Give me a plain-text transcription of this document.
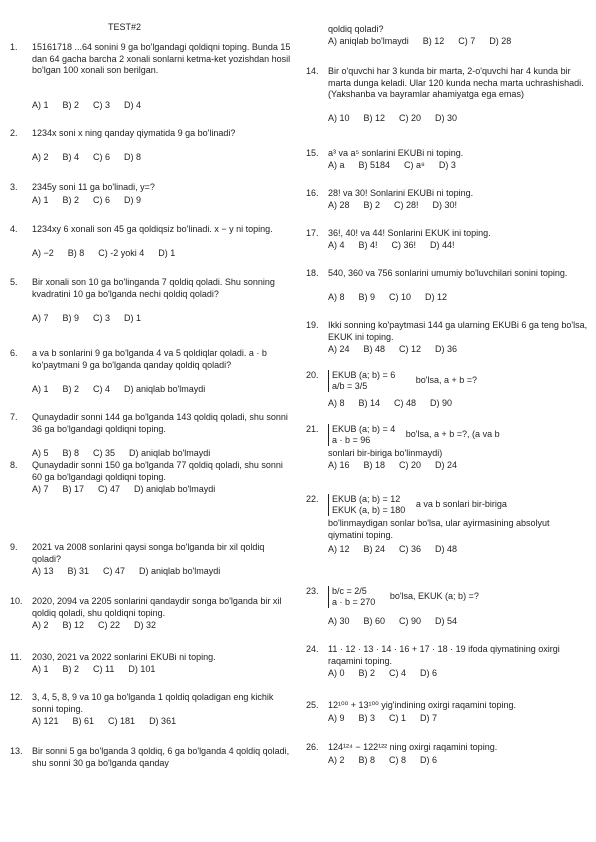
TEST#2
1. 15161718 ...64 sonini 9 ga bo'lgandagi qoldiqni toping. Bunda 15 dan 64 gacha barcha 2 xonali sonlarni ketma-ket yozishdan hosil bo'lgan 100 xonali son berilgan.
A) 1 B) 2 C) 3 D) 4
2. 1234x soni x ning qanday qiymatida 9 ga bo'linadi?
A) 2 B) 4 C) 6 D) 8
3. 2345y soni 11 ga bo'linadi, y=?
A) 1 B) 2 C) 6 D) 9
4. 1234xy 6 xonali son 45 ga qoldiqsiz bo'linadi. x − y ni toping.
A) −2 B) 8 C) -2 yoki 4 D) 1
5. Bir xonali son 10 ga bo'linganda 7 qoldiq qoladi. Shu sonning kvadratini 10 ga bo'lganda nechi qoldiq qoladi?
A) 7 B) 9 C) 3 D) 1
6. a va b sonlarini 9 ga bo'lganda 4 va 5 qoldiqlar qoladi. a · b ko'paytmani 9 ga bo'lganda qanday qoldiq qoladi?
A) 1 B) 2 C) 4 D) aniqlab bo'lmaydi
7. Qunaydadir sonni 144 ga bo'lganda 143 qoldiq qoladi, shu sonni 36 ga bo'lgandagi qoldiqni toping.
A) 5 B) 8 C) 35 D) aniqlab bo'lmaydi
8. Qunaydadir sonni 150 ga bo'lganda 77 qoldiq qoladi, shu sonni 60 ga bo'lgandagi qoldiqni toping.
A) 7 B) 17 C) 47 D) aniqlab bo'lmaydi
9. 2021 va 2008 sonlarini qaysi songa bo'lganda bir xil qoldiq qoladi?
A) 13 B) 31 C) 47 D) aniqlab bo'lmaydi
10. 2020, 2094 va 2205 sonlarini qandaydir songa bo'lganda bir xil qoldiq qoladi, shu qoldiqni toping.
A) 2 B) 12 C) 22 D) 32
11. 2030, 2021 va 2022 sonlarini EKUBi ni toping.
A) 1 B) 2 C) 11 D) 101
12. 3, 4, 5, 8, 9 va 10 ga bo'lganda 1 qoldiq qoladigan eng kichik sonni toping.
A) 121 B) 61 C) 181 D) 361
13. Bir sonni 5 ga bo'lganda 3 qoldiq, 6 ga bo'lganda 4 qoldiq qoladi, shu sonni 30 ga bo'lganda qanday
qoldiq qoladi?
A) aniqlab bo'lmaydi B) 12 C) 7 D) 28
14. Bir o'quvchi har 3 kunda bir marta, 2-o'quvchi har 4 kunda bir marta dunga keladi. Ular 120 kunda necha marta uchrashishadi. (Yakshanba va bayramlar ahamiyatga ega emas)
A) 10 B) 12 C) 20 D) 30
15. a³ va a⁵ sonlarini EKUBi ni toping.
A) a B) 5184 C) a⁸ D) 3
16. 28! va 30! Sonlarini EKUBi ni toping.
A) 28 B) 2 C) 28! D) 30!
17. 36!, 40! va 44! Sonlarini EKUK ini toping.
A) 4 B) 4! C) 36! D) 44!
18. 540, 360 va 756 sonlarini umumiy bo'luvchilari sonini toping.
A) 8 B) 9 C) 10 D) 12
19. Ikki sonning ko'paytmasi 144 ga ularning EKUBi 6 ga teng bo'lsa, EKUK ini toping.
A) 24 B) 48 C) 12 D) 36
20.	EKUB (a; b) = 6
a/b = 3/5 bo'lsa, a + b =?
A) 8 B) 14 C) 48 D) 90
21.	EKUB (a; b) = 4
a · b = 96 bo'lsa, a + b =?, (a va b
sonlari bir-biriga bo'linmaydi)
A) 16 B) 18 C) 20 D) 24
22.	EKUB (a; b) = 12
EKUK (a, b) = 180 a va b sonlari bir-biriga
bo'linmaydigan sonlar bo'lsa, ular ayirmasining absolyut qiymatini toping.
A) 12 B) 24 C) 36 D) 48
23.	b/c = 2/5
a · b = 270 bo'lsa, EKUK (a; b) =?
A) 30 B) 60 C) 90 D) 54
24. 11 · 12 · 13 · 14 · 16 + 17 · 18 · 19 ifoda qiymatining oxirgi raqamini toping.
A) 0 B) 2 C) 4 D) 6
25. 12¹⁰⁰ + 13¹⁰⁰ yig'indining oxirgi raqamini toping.
A) 9 B) 3 C) 1 D) 7
26. 124¹²⁴ − 122¹²² ning oxirgi raqamini toping.
A) 2 B) 8 C) 8 D) 6
